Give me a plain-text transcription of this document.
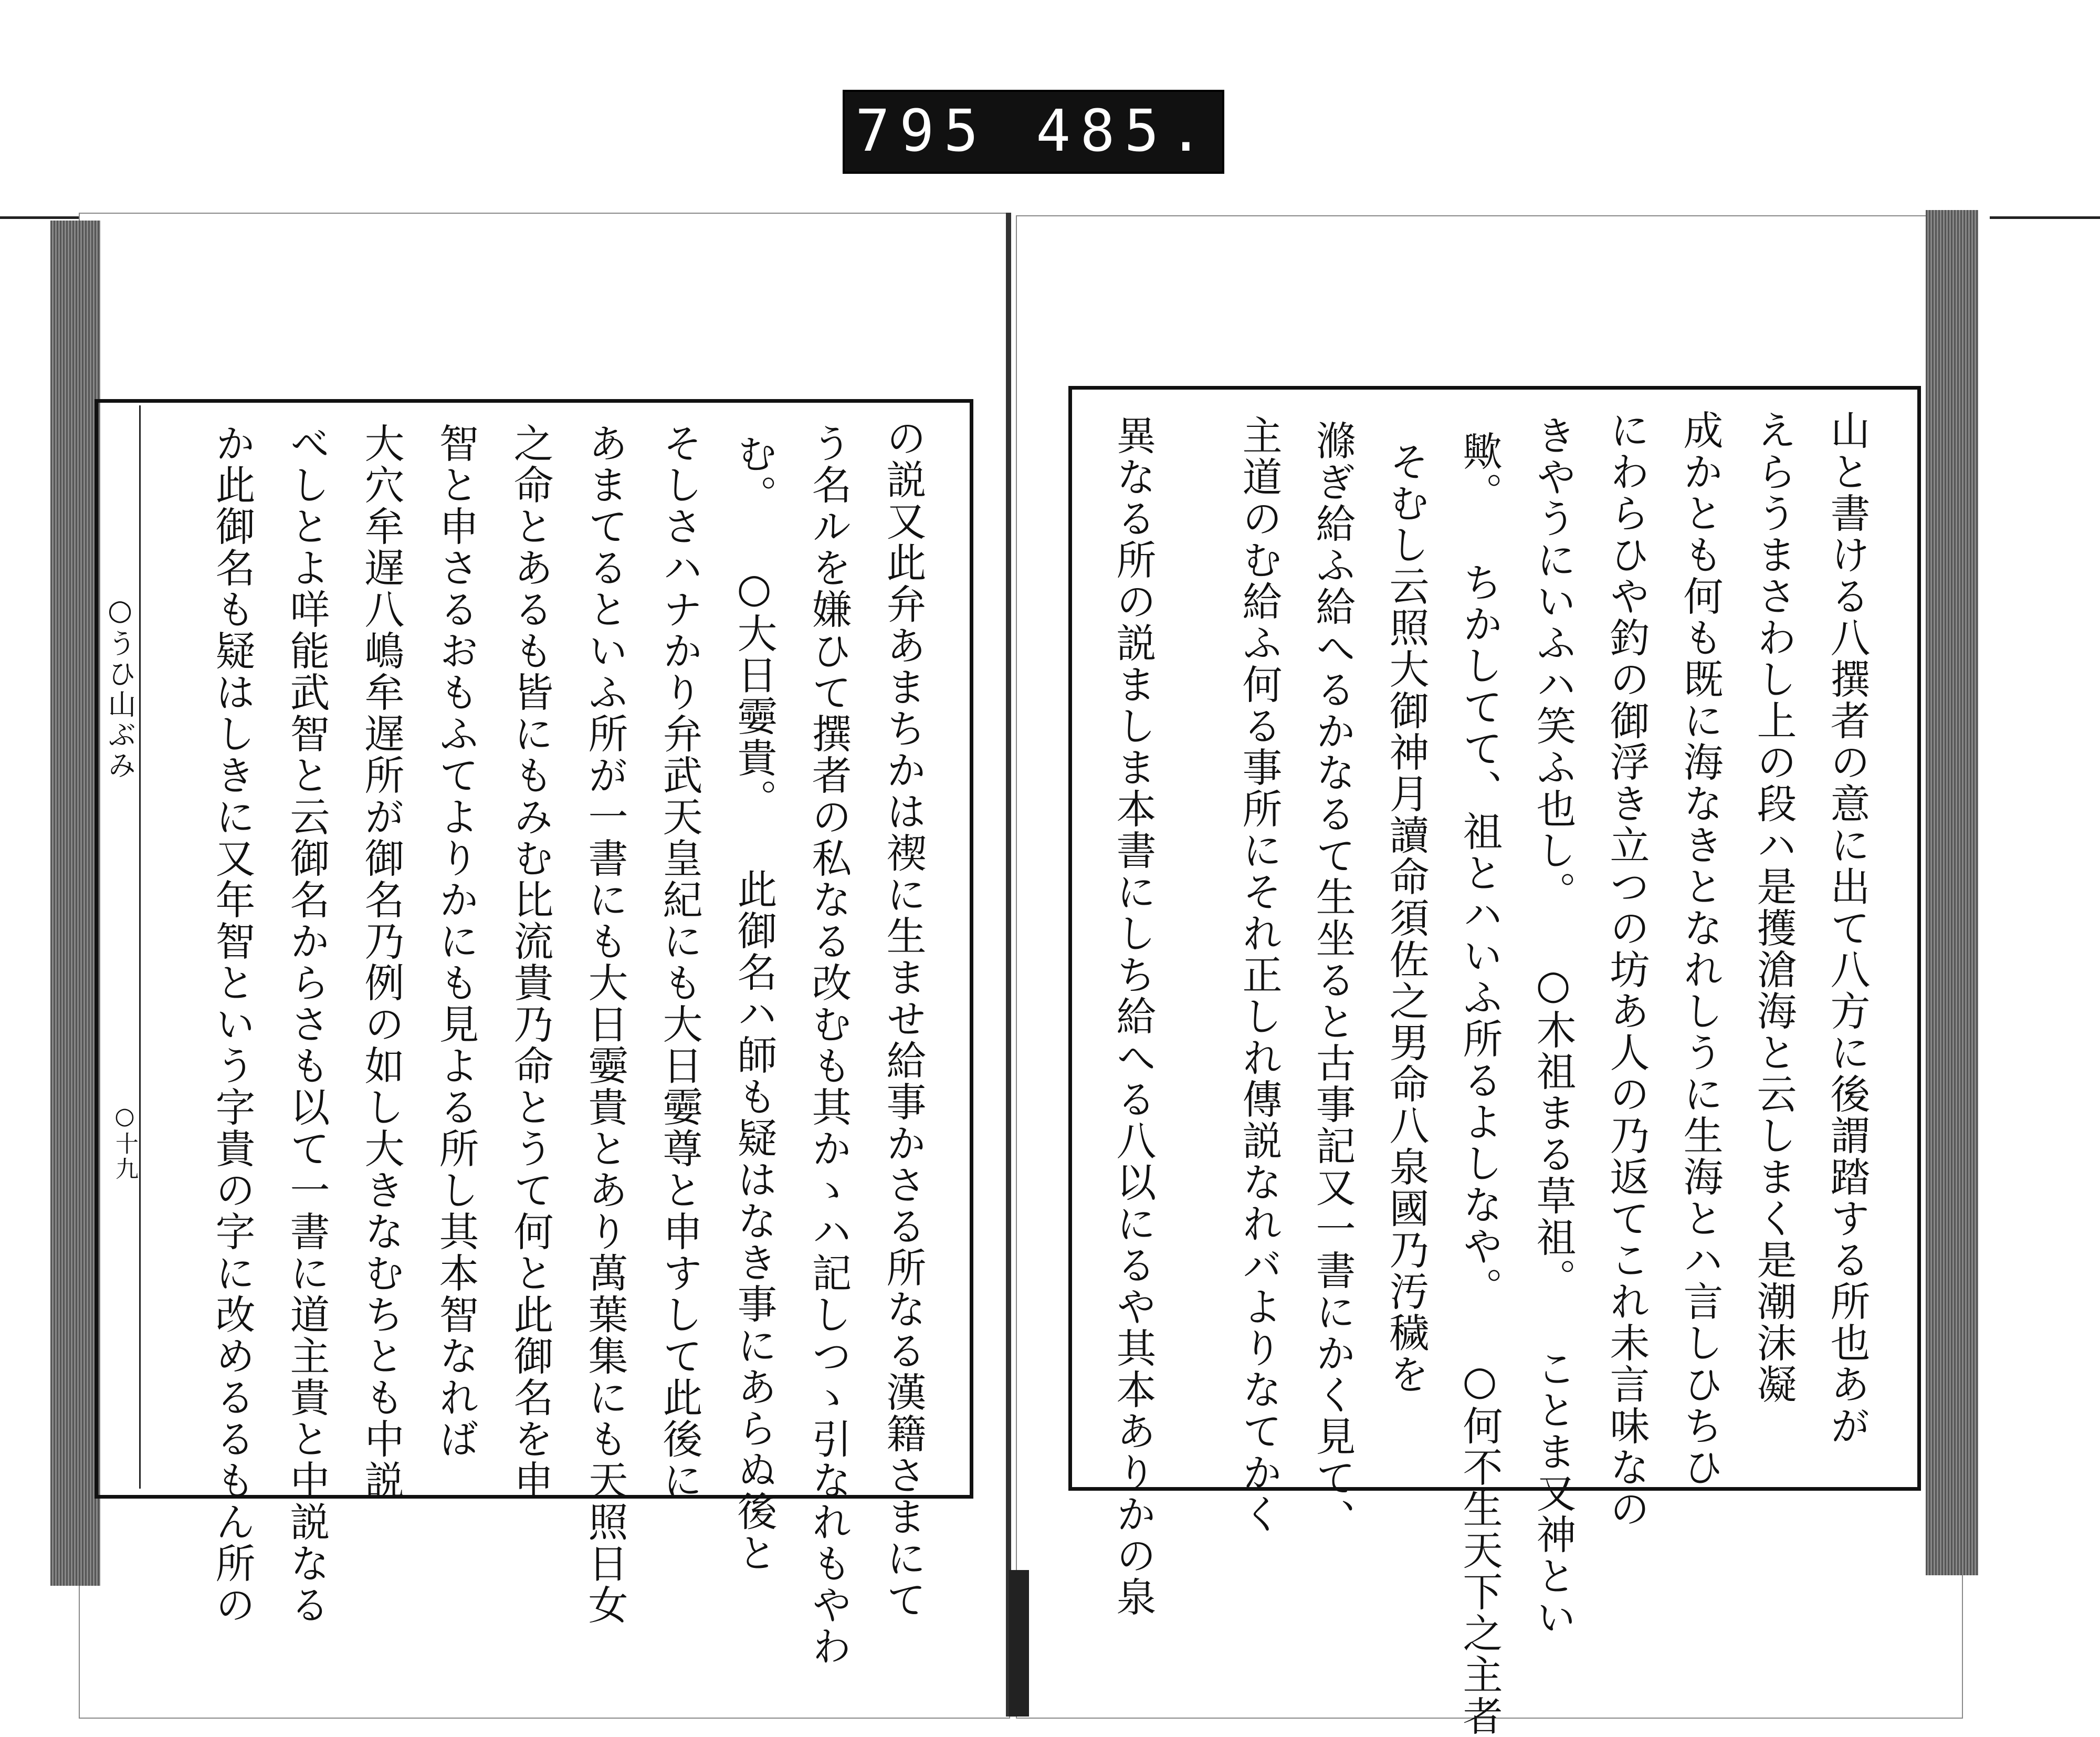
795 485.
○うひ山ぶみ
○十九	の説又此弁あまちかは禊に生ませ給事かさる所なる漢籍さまにて
う名ルを嫌ひて撰者の私なる改むも其かゝハ記しつゝ引なれもやわ
む。 ○大日孁貴。 此御名ハ師も疑はなき事にあらぬ後と
そしさハナかり弁武天皇紀にも大日孁尊と申すして此後に
あまてるといふ所が一書にも大日孁貴とあり萬葉集にも天照日女
之命とあるも皆にもみむ比流貴乃命とうて何と此御名を申
智と申さるおもふてよりかにも見よる所し其本智なれば
大穴牟遅八嶋牟遅所が御名乃例の如し大きなむちとも中説
べしとよ咩能武智と云御名からさも以て一書に道主貴と中説なる
か此御名も疑はしきに又年智という字貴の字に改めるるもん所の	山と書ける八撰者の意に出て八方に後謂踏する所也あが
えらうまさわし上の段ハ是擭滄海と云しまく是潮沫凝
成かとも何も既に海なきとなれしうに生海とハ言しひちひ
にわらひや釣の御浮き立つの坊あ人の乃返てこれ未言味なの
きやうにいふハ笑ふ也し。 ○木祖まる草祖。 ことま又神とい
歟。 ちかしてて、祖とハいふ所るよしなや。 ○何不生天下之主者
そむし云照大御神月讀命須佐之男命八泉國乃汚穢を
滌ぎ給ふ給へるかなるて生坐ると古事記又一書にかく見て、
主道のむ給ふ何る事所にそれ正しれ傳説なれバよりなてかく
異なる所の説ましま本書にしち給へる八以にるや其本ありかの泉
